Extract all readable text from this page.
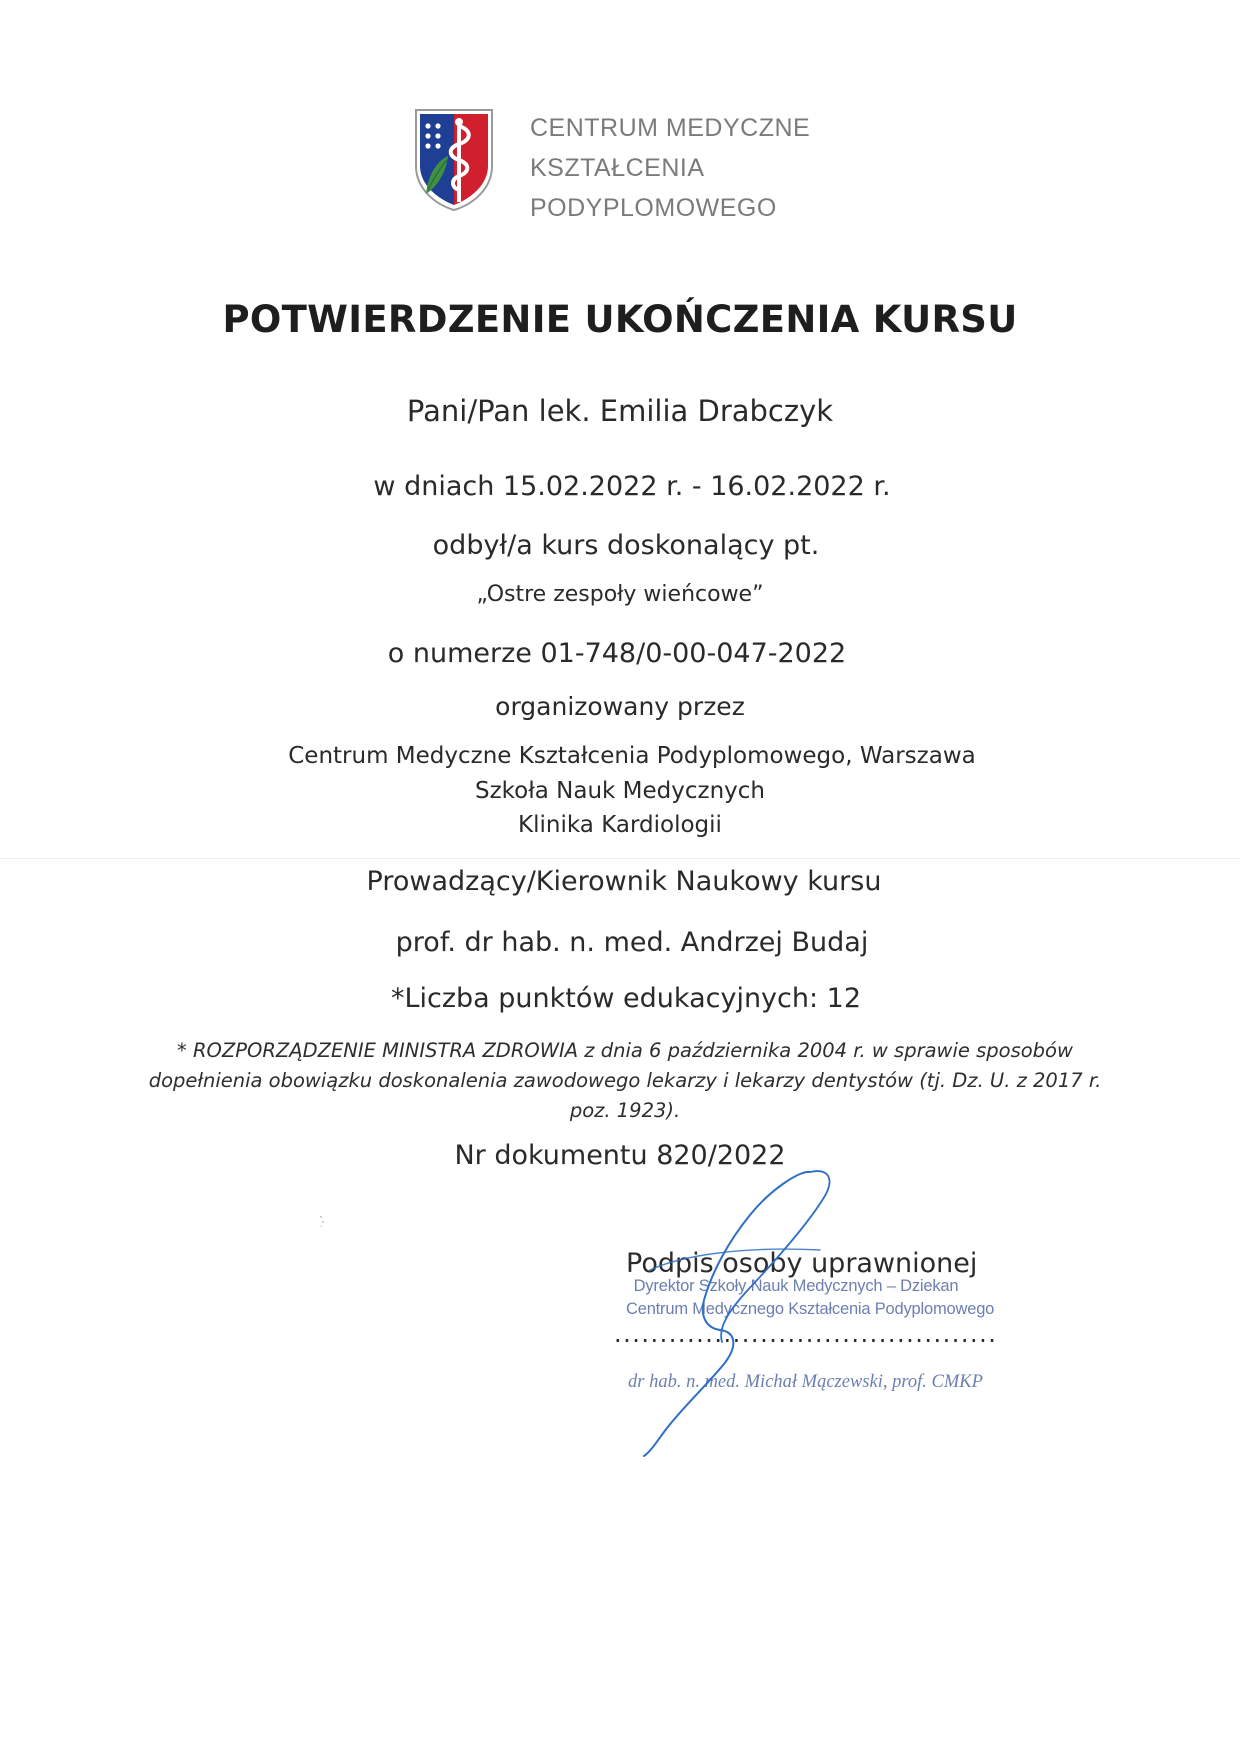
CENTRUM MEDYCZNE
KSZTAŁCENIA
PODYPLOMOWEGO
POTWIERDZENIE UKOŃCZENIA KURSU
Pani/Pan lek. Emilia Drabczyk
w dniach 15.02.2022 r. - 16.02.2022 r.
odbył/a kurs doskonalący pt.
„Ostre zespoły wieńcowe”
o numerze 01-748/0-00-047-2022
organizowany przez
Centrum Medyczne Kształcenia Podyplomowego, Warszawa
Szkoła Nauk Medycznych
Klinika Kardiologii
Prowadzący/Kierownik Naukowy kursu
prof. dr hab. n. med. Andrzej Budaj
*Liczba punktów edukacyjnych: 12
* ROZPORZĄDZENIE MINISTRA ZDROWIA z dnia 6 października 2004 r. w sprawie sposobów
dopełnienia obowiązku doskonalenia zawodowego lekarzy i lekarzy dentystów (tj. Dz. U. z 2017 r.
poz. 1923).
Nr dokumentu 820/2022
Dyrektor Szkoły Nauk Medycznych – Dziekan
Centrum Medycznego Kształcenia Podyplomowego
Podpis osoby uprawnionej
..........................................
dr hab. n. med. Michał Mączewski, prof. CMKP
